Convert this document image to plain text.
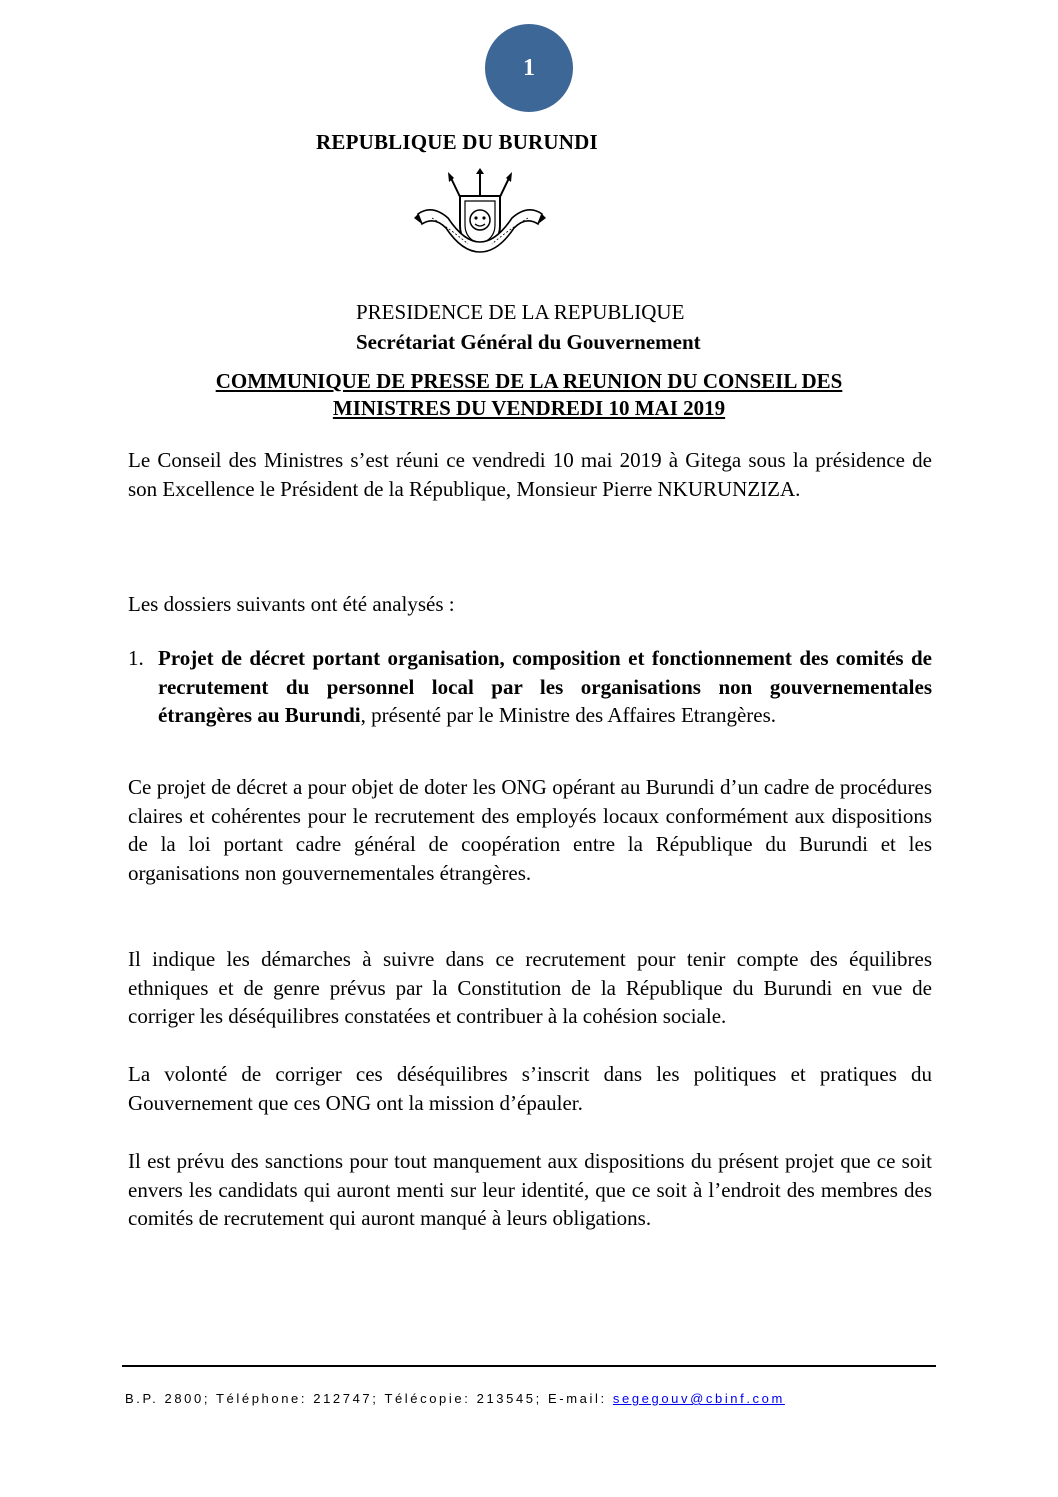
1
REPUBLIQUE DU BURUNDI
PRESIDENCE DE LA REPUBLIQUE
Secrétariat Général du Gouvernement
COMMUNIQUE DE PRESSE DE LA REUNION DU CONSEIL DES
MINISTRES DU VENDREDI 10 MAI 2019

Le Conseil des Ministres s’est réuni ce vendredi 10 mai 2019 à Gitega sous la présidence de son Excellence le Président de la République, Monsieur Pierre NKURUNZIZA.

Les dossiers suivants ont été analysés :

1. Projet de décret portant organisation, composition et fonctionnement des comités de recrutement du personnel local par les organisations non gouvernementales étrangères au Burundi, présenté par le Ministre des Affaires Etrangères.

Ce projet de décret a pour objet de doter les ONG opérant au Burundi d’un cadre de procédures claires et cohérentes pour le recrutement des employés locaux conformément aux dispositions de la loi portant cadre général de coopération entre la République du Burundi et les organisations non gouvernementales étrangères.

Il indique les démarches à suivre dans ce recrutement pour tenir compte des équilibres ethniques et de genre prévus par la Constitution de la République du Burundi en vue de corriger les déséquilibres constatées et contribuer à la cohésion sociale.

La volonté de corriger ces déséquilibres s’inscrit dans les politiques et pratiques du Gouvernement que ces ONG ont la mission d’épauler.

Il est prévu des sanctions pour tout manquement aux dispositions du présent projet que ce soit envers les candidats qui auront menti sur leur identité, que ce soit à l’endroit des membres des comités de recrutement qui auront manqué à leurs obligations.

B.P. 2800; Téléphone: 212747; Télécopie: 213545; E-mail: segegouv@cbinf.com
